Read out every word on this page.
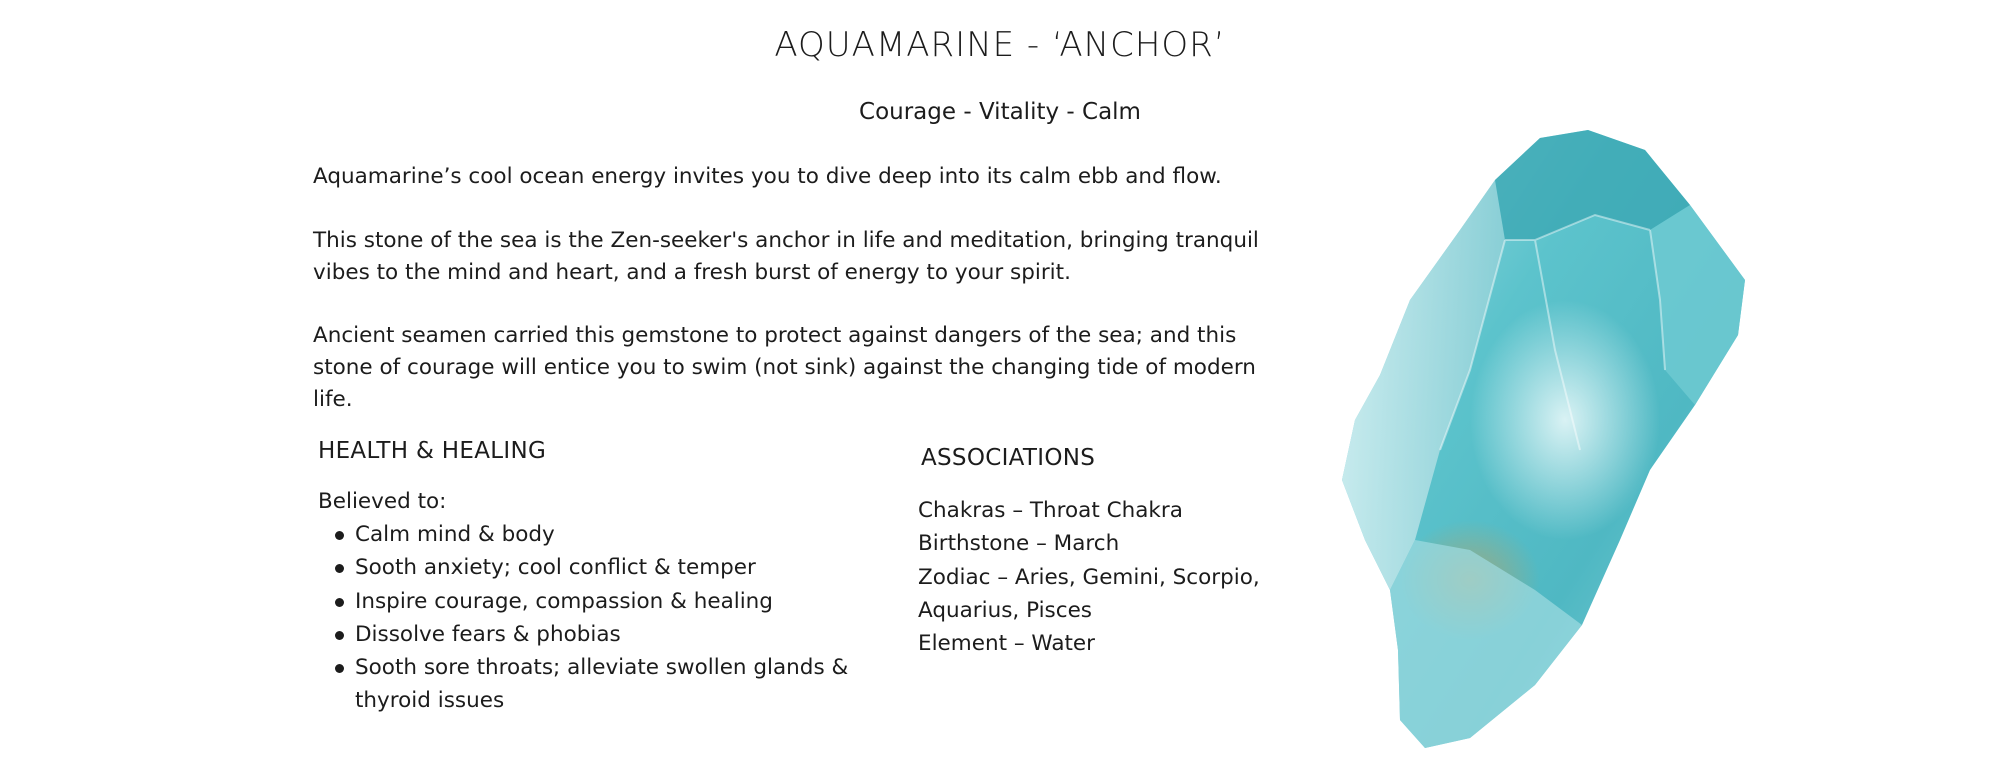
AQUAMARINE - ‘ANCHOR’
Courage - Vitality - Calm

Aquamarine’s cool ocean energy invites you to dive deep into its calm ebb and flow.

This stone of the sea is the Zen-seeker's anchor in life and meditation, bringing tranquil vibes to the mind and heart, and a fresh burst of energy to your spirit.

Ancient seamen carried this gemstone to protect against dangers of the sea; and this stone of courage will entice you to swim (not sink) against the changing tide of modern life.

HEALTH & HEALING
Believed to:
Calm mind & body
Sooth anxiety; cool conflict & temper
Inspire courage, compassion & healing
Dissolve fears & phobias
Sooth sore throats; alleviate swollen glands & thyroid issues
ASSOCIATIONS
Chakras – Throat Chakra
Birthstone – March
Zodiac – Aries, Gemini, Scorpio,
Aquarius, Pisces
Element – Water
